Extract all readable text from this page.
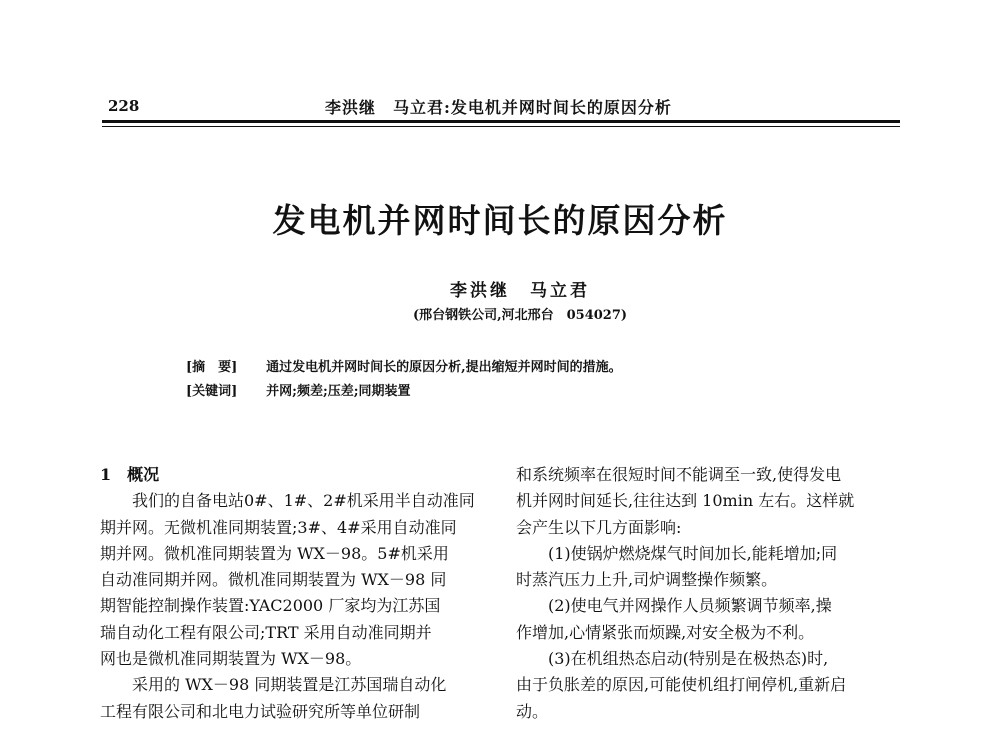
228	李洪继　马立君:发电机并网时间长的原因分析
发电机并网时间长的原因分析
李洪继　马立君
(邢台钢铁公司,河北邢台　054027)
[摘　要] 通过发电机并网时间长的原因分析,提出缩短并网时间的措施。
[关键词] 并网;频差;压差;同期装置
1　概况
我们的自备电站0#、1#、2#机采用半自动准同
期并网。无微机准同期装置;3#、4#采用自动准同
期并网。微机准同期装置为 WX－98。5#机采用
自动准同期并网。微机准同期装置为 WX－98 同
期智能控制操作装置:YAC2000 厂家均为江苏国
瑞自动化工程有限公司;TRT 采用自动准同期并
网也是微机准同期装置为 WX－98。
采用的 WX－98 同期装置是江苏国瑞自动化
工程有限公司和北电力试验研究所等单位研制
和系统频率在很短时间不能调至一致,使得发电
机并网时间延长,往往达到 10min 左右。这样就
会产生以下几方面影响:
(1)使锅炉燃烧煤气时间加长,能耗增加;同
时蒸汽压力上升,司炉调整操作频繁。
(2)使电气并网操作人员频繁调节频率,操
作增加,心情紧张而烦躁,对安全极为不利。
(3)在机组热态启动(特别是在极热态)时,
由于负胀差的原因,可能使机组打闸停机,重新启
动。
